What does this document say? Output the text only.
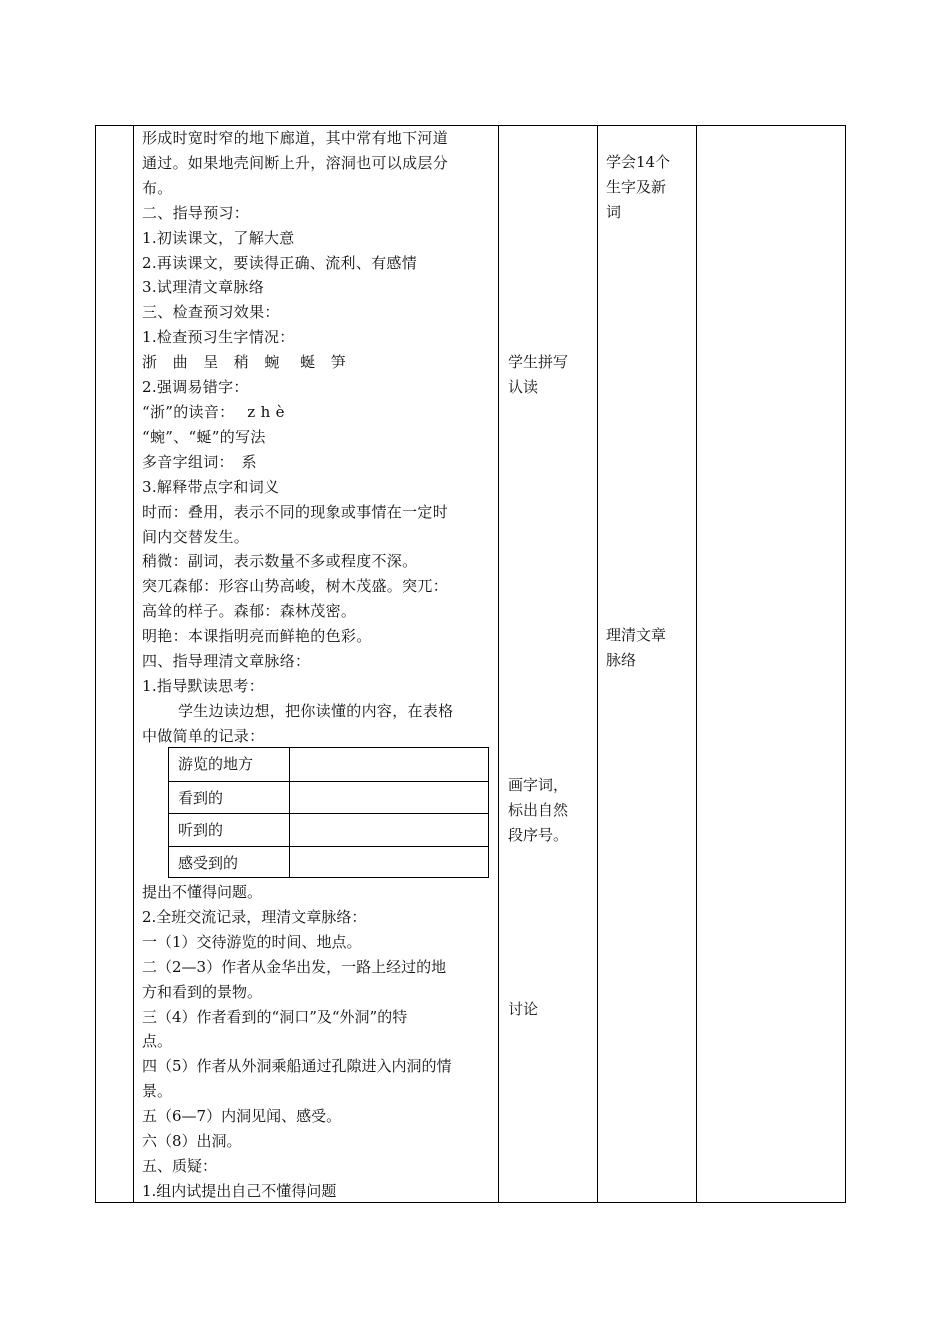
形成时宽时窄的地下廊道，其中常有地下河道
通过。如果地壳间断上升，溶洞也可以成层分
布。
二、指导预习：
1.初读课文，了解大意
2.再读课文，要读得正确、流利、有感情
3.试理清文章脉络
三、检查预习效果：
1.检查预习生字情况：
浙　曲　呈　稍　蜿　 蜒　笋
2.强调易错字：
“浙”的读音：　 z h è
“蜿”、“蜒”的写法
多音字组词：　系
3.解释带点字和词义
时而：叠用，表示不同的现象或事情在一定时
间内交替发生。
稍微：副词，表示数量不多或程度不深。
突兀森郁：形容山势高峻，树木茂盛。突兀：
高耸的样子。森郁：森林茂密。
明艳：本课指明亮而鲜艳的色彩。
四、指导理清文章脉络：
1.指导默读思考：
学生边读边想，把你读懂的内容，在表格
中做简单的记录：
游览的地方
看到的
听到的
感受到的
提出不懂得问题。
2.全班交流记录，理清文章脉络：
一（1）交待游览的时间、地点。
二（2—3）作者从金华出发，一路上经过的地
方和看到的景物。
三（4）作者看到的“洞口”及“外洞”的特
点。
四（5）作者从外洞乘船通过孔隙进入内洞的情
景。
五（6—7）内洞见闻、感受。
六（8）出洞。
五、质疑：
1.组内试提出自己不懂得问题
学生拼写
认读
画字词，
标出自然
段序号。
讨论
学会14个
生字及新
词
理清文章
脉络
